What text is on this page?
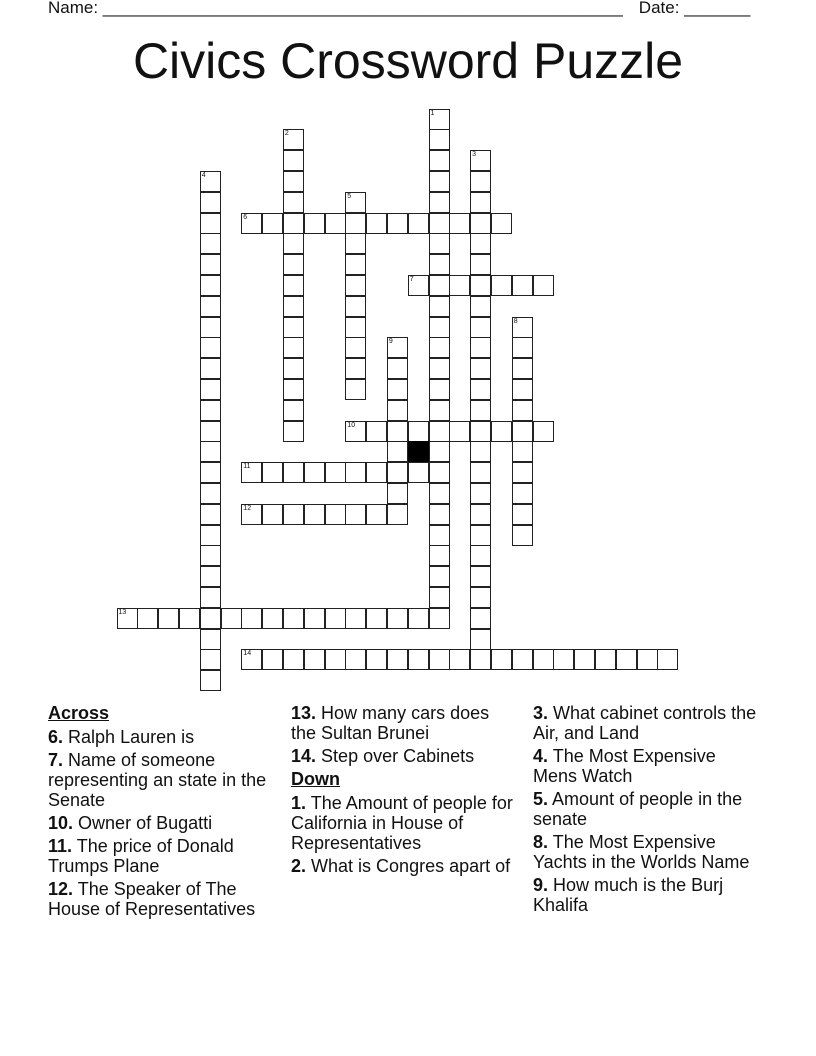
Name: _______________________________________________________ Date: _______
Civics Crossword Puzzle
1
2
3
4
5
6
7
8
9
10
11
12
13
14
Across
6. Ralph Lauren is
7. Name of someone representing an state in the Senate
10. Owner of Bugatti
11. The price of Donald Trumps Plane
12. The Speaker of The House of Representatives
13. How many cars does the Sultan Brunei
14. Step over Cabinets
Down
1. The Amount of people for California in House of Representatives
2. What is Congres apart of
3. What cabinet controls the Air, and Land
4. The Most Expensive Mens Watch
5. Amount of people in the senate
8. The Most Expensive Yachts in the Worlds Name
9. How much is the Burj Khalifa
